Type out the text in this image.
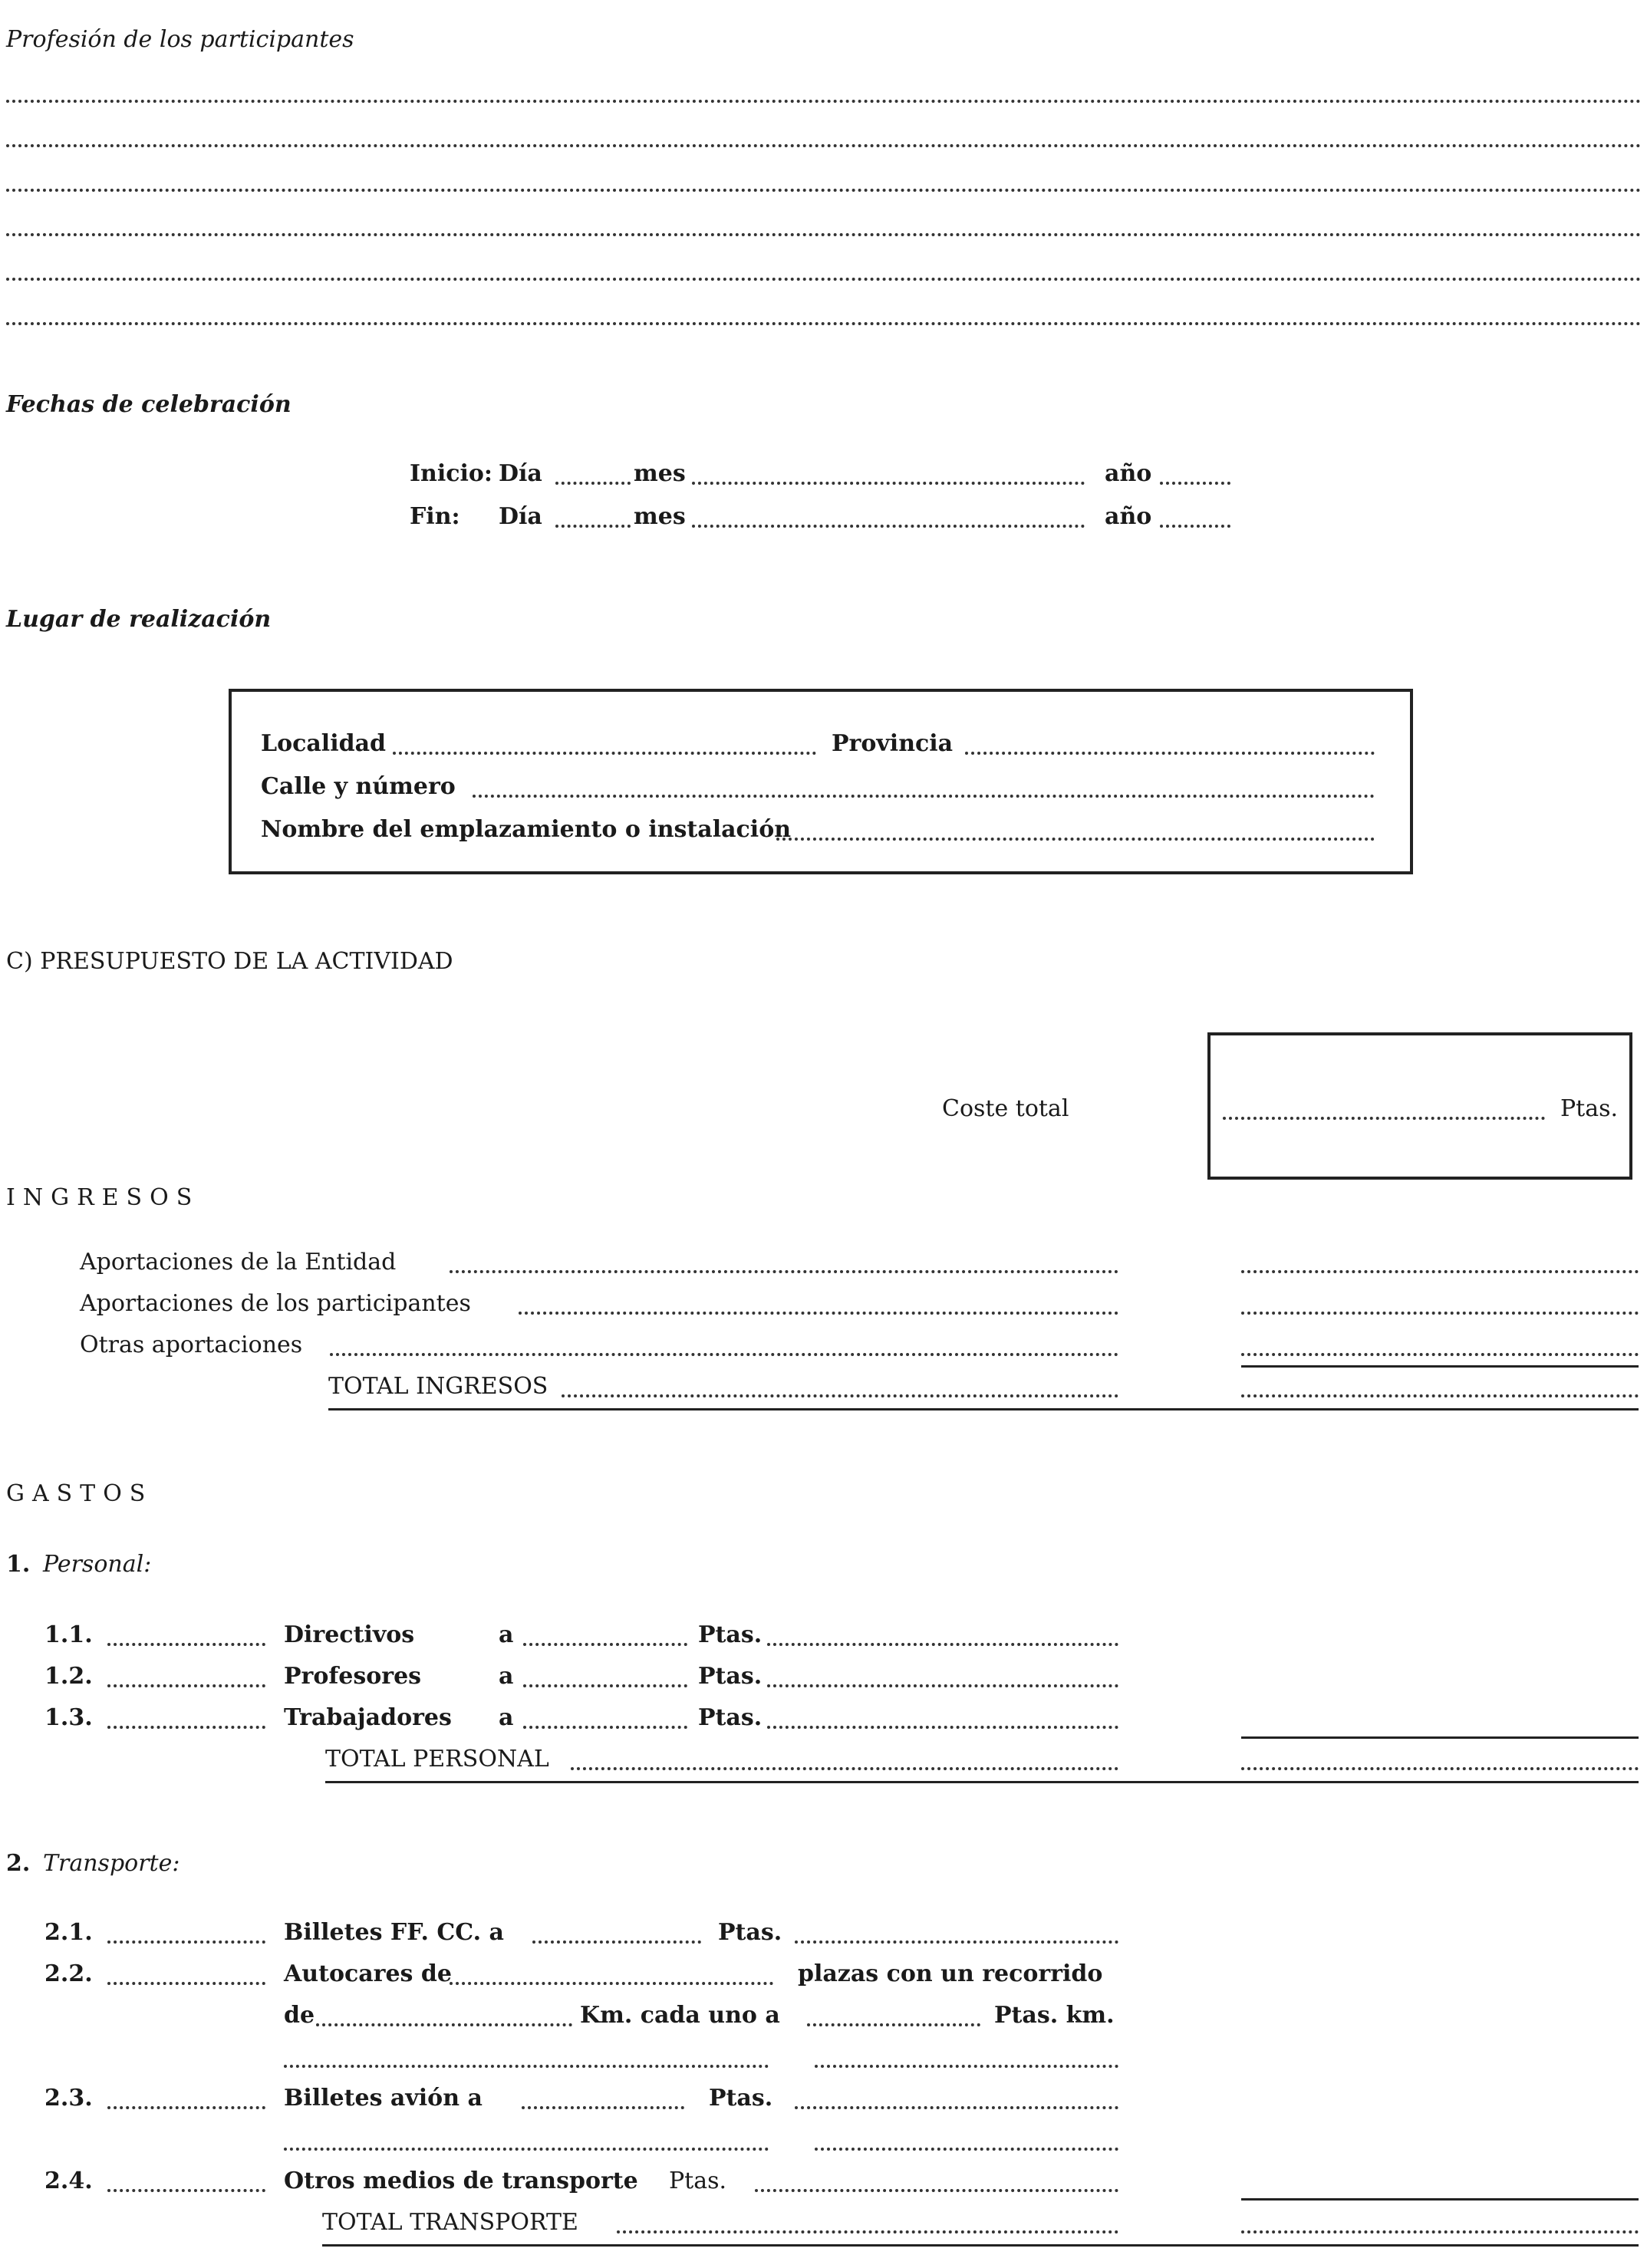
Profesión de los participantes
Fechas de celebración
Inicio: Día	mes	año
Fin: Día	mes	año
Lugar de realización
Localidad	Provincia
Calle y número
Nombre del emplazamiento o instalación
C) PRESUPUESTO DE LA ACTIVIDAD
Coste total	Ptas.
INGRESOS
Aportaciones de la Entidad
Aportaciones de los participantes
Otras aportaciones
TOTAL INGRESOS
GASTOS
1. Personal:
1.1.	Directivos	a	Ptas.
1.2.	Profesores	a	Ptas.
1.3.	Trabajadores a	Ptas.
TOTAL PERSONAL
2. Transporte:
2.1.	Billetes FF. CC. a	Ptas.
2.2.	Autocares de	plazas con un recorrido
de	Km. cada uno a	Ptas. km.
2.3.	Billetes avión a	Ptas.
2.4.	Otros medios de transporte Ptas.
TOTAL TRANSPORTE
